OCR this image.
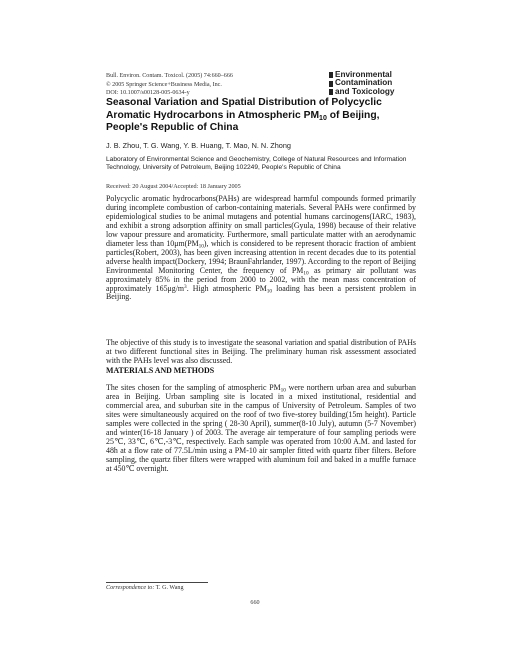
Bull. Environ. Contam. Toxicol. (2005) 74:660–666
© 2005 Springer Science+Business Media, Inc.
DOI: 10.1007/s00128-005-0634-y
Environmental
Contamination
and Toxicology
Seasonal Variation and Spatial Distribution of Polycyclic Aromatic Hydrocarbons in Atmospheric $PM_{10}$ of Beijing, People's Republic of China
J. B. Zhou, T. G. Wang, Y. B. Huang, T. Mao, N. N. Zhong
Laboratory of Environmental Science and Geochemistry, College of Natural Resources and Information Technology, University of Petroleum, Beijing 102249, People's Republic of China
Received: 20 August 2004/Accepted: 18 January 2005
Polycyclic aromatic hydrocarbons(PAHs) are widespread harmful compounds formed primarily during incomplete combustion of carbon-containing materials. Several PAHs were confirmed by epidemiological studies to be animal mutagens and potential humans carcinogens(IARC, 1983), and exhibit a strong adsorption affinity on small particles(Gyula, 1998) because of their relative low vapour pressure and aromaticity. Furthermore, small particulate matter with an aerodynamic diameter less than 10μm(PM10), which is considered to be represent thoracic fraction of ambient particles(Robert, 2003), has been given increasing attention in recent decades due to its potential adverse health impact(Dockery, 1994; BraunFahrlander, 1997). According to the report of Beijing Environmental Monitoring Center, the frequency of PM10 as primary air pollutant was approximately 85% in the period from 2000 to 2002, with the mean mass concentration of approximately $165\mu g/m^3$. High atmospheric PM10 loading has been a persistent problem in Beijing.
The objective of this study is to investigate the seasonal variation and spatial distribution of PAHs at two different functional sites in Beijing. The preliminary human risk assessment associated with the PAHs level was also discussed.
MATERIALS AND METHODS
The sites chosen for the sampling of atmospheric PM10 were northern urban area and suburban area in Beijing. Urban sampling site is located in a mixed institutional, residential and commercial area, and suburban site in the campus of University of Petroleum. Samples of two sites were simultaneously acquired on the roof of two five-storey building(15m height). Particle samples were collected in the spring ( 28-30 April), summer(8-10 July), autumn (5-7 November) and winter(16-18 January ) of 2003. The average air temperature of four sampling periods were 25℃, 33℃, 6℃,-3℃, respectively. Each sample was operated from 10:00 A.M. and lasted for 48h at a flow rate of 77.5L/min using a PM-10 air sampler fitted with quartz fiber filters. Before sampling, the quartz fiber filters were wrapped with aluminum foil and baked in a muffle furnace at 450℃ overnight.
Correspondence to: T. G. Wang
660
